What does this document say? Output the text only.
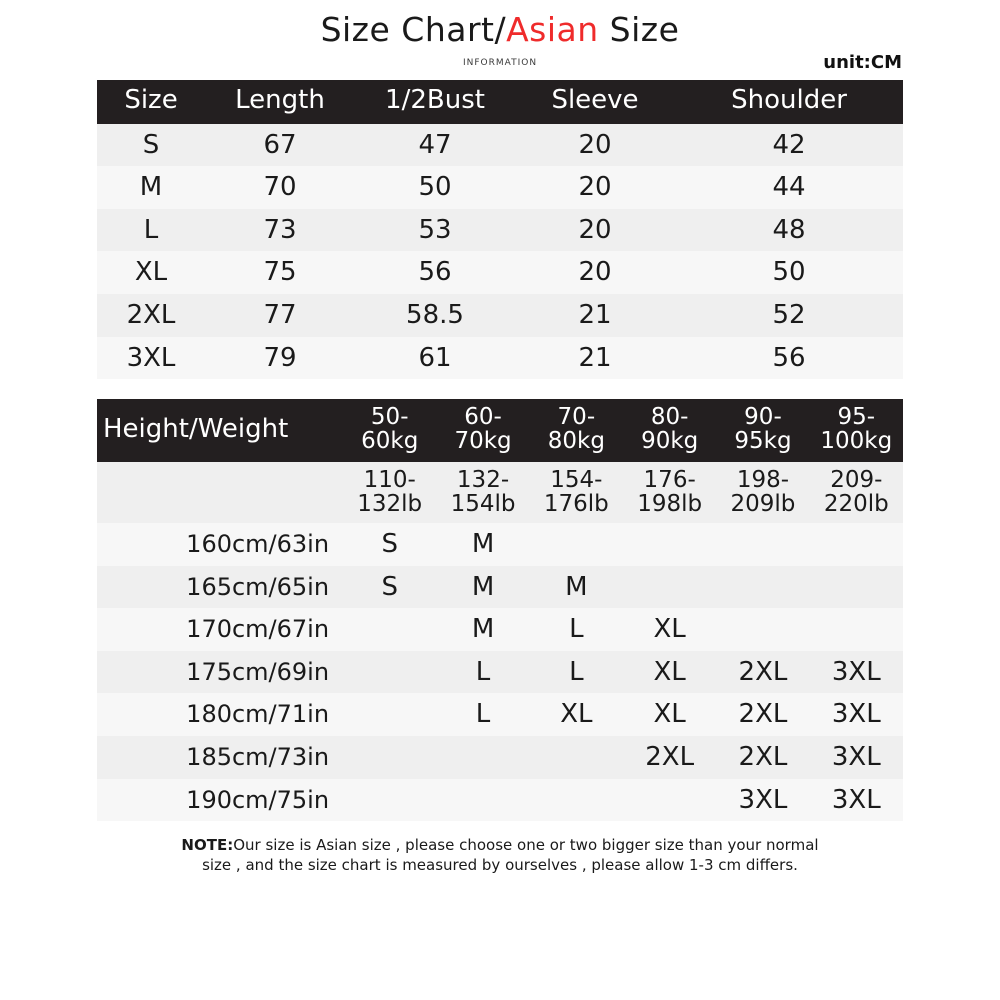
Size Chart/Asian Size
INFORMATION	unit:CM
Size	Length	1/2Bust	Sleeve	Shoulder
S	67	47	20	42
M	70	50	20	44
L	73	53	20	48
XL	75	56	20	50
2XL	77	58.5	21	52
3XL	79	61	21	56
Height/Weight	50-60kg	60-70kg	70-80kg	80-90kg	90-95kg	95-100kg
	110-132lb	132-154lb	154-176lb	176-198lb	198-209lb	209-220lb
160cm/63in	S	M				
165cm/65in	S	M	M			
170cm/67in		M	L	XL		
175cm/69in		L	L	XL	2XL	3XL
180cm/71in		L	XL	XL	2XL	3XL
185cm/73in				2XL	2XL	3XL
190cm/75in					3XL	3XL
NOTE:Our size is Asian size , please choose one or two bigger size than your normal
size , and the size chart is measured by ourselves , please allow 1-3 cm differs.
